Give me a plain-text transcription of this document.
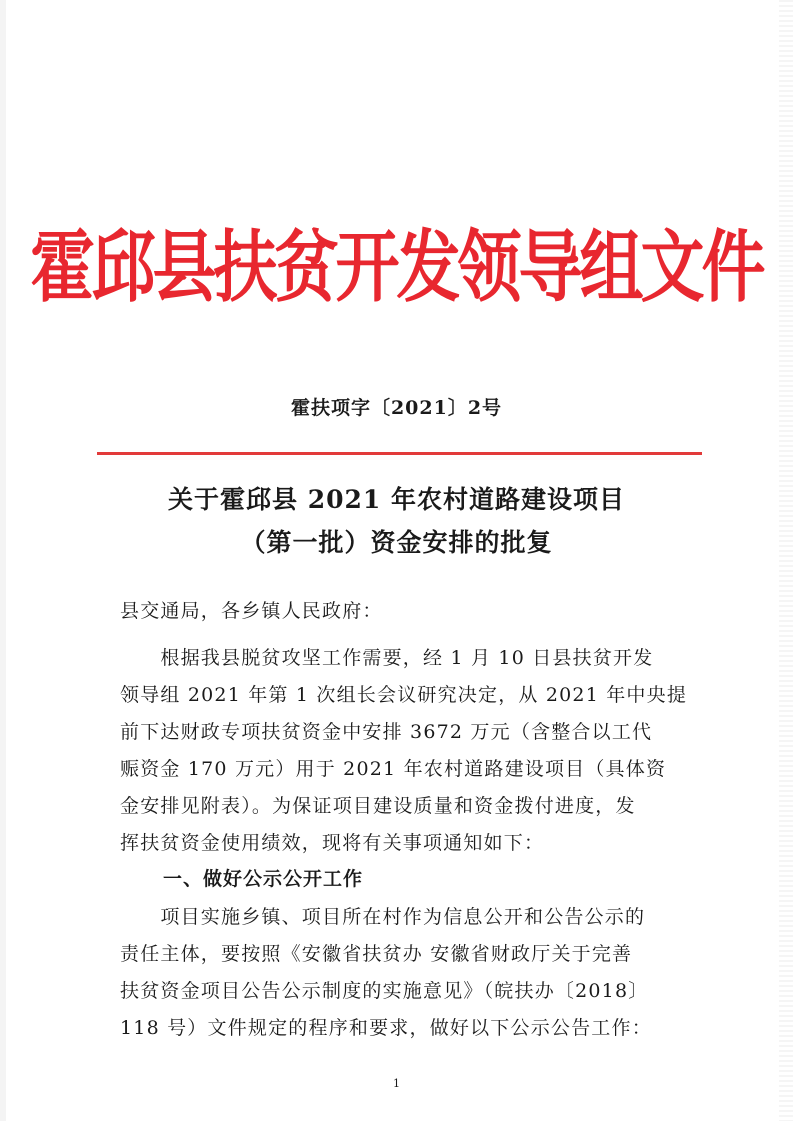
霍邱县扶贫开发领导组文件
霍扶项字〔2021〕2号
关于霍邱县 2021 年农村道路建设项目
（第一批）资金安排的批复
县交通局，各乡镇人民政府：
　　根据我县脱贫攻坚工作需要，经 1 月 10 日县扶贫开发
领导组 2021 年第 1 次组长会议研究决定，从 2021 年中央提
前下达财政专项扶贫资金中安排 3672 万元（含整合以工代
赈资金 170 万元）用于 2021 年农村道路建设项目（具体资
金安排见附表）。为保证项目建设质量和资金拨付进度，发
挥扶贫资金使用绩效，现将有关事项通知如下：
一、做好公示公开工作
　　项目实施乡镇、项目所在村作为信息公开和公告公示的
责任主体，要按照《安徽省扶贫办 安徽省财政厅关于完善
扶贫资金项目公告公示制度的实施意见》（皖扶办〔2018〕
118 号）文件规定的程序和要求，做好以下公示公告工作：
1
